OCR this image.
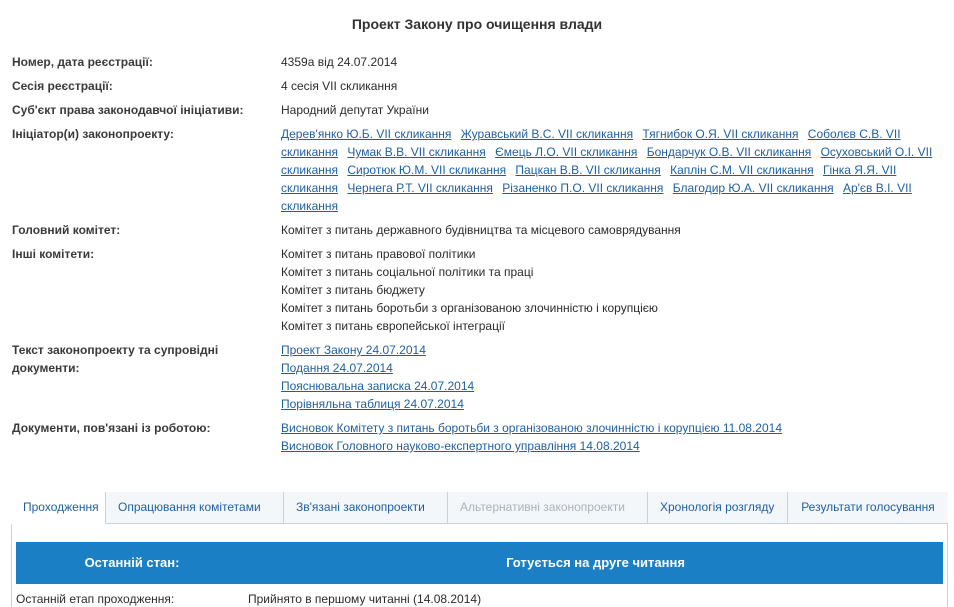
Проект Закону про очищення влади
Номер, дата реєстрації:	4359а від 24.07.2014
Сесія реєстрації:	4 сесія VII скликання
Суб'єкт права законодавчої ініціативи:	Народний депутат України
Ініціатор(и) законопроекту:	Дерев'янко Ю.Б. VII скликання Журавський В.С. VII скликання Тягнибок О.Я. VII скликання Соболєв С.В. VII скликання Чумак В.В. VII скликання Ємець Л.О. VII скликання Бондарчук О.В. VII скликання Осуховський О.І. VII скликання Сиротюк Ю.М. VII скликання Пацкан В.В. VII скликання Каплін С.М. VII скликання Гінка Я.Я. VII скликання Чернега Р.Т. VII скликання Різаненко П.О. VII скликання Благодир Ю.А. VII скликання Ар'єв В.І. VII скликання
Головний комітет:	Комітет з питань державного будівництва та місцевого самоврядування
Інші комітети:	Комітет з питань правової політики
Комітет з питань соціальної політики та праці
Комітет з питань бюджету
Комітет з питань боротьби з організованою злочинністю і корупцією
Комітет з питань європейської інтеграції
Текст законопроекту та супровідні
документи:
Проект Закону 24.07.2014
Подання 24.07.2014
Пояснювальна записка 24.07.2014
Порівняльна таблиця 24.07.2014
Документи, пов'язані із роботою:	Висновок Комітету з питань боротьби з організованою злочинністю і корупцією 11.08.2014
Висновок Головного науково-експертного управління 14.08.2014
Проходження	Опрацювання комітетами	Зв'язані законопроекти	Альтернативні законопроекти	Хронологія розгляду	Результати голосування
Останній стан:	Готується на друге читання
Останній етап проходження:	Прийнято в першому читанні (14.08.2014)
